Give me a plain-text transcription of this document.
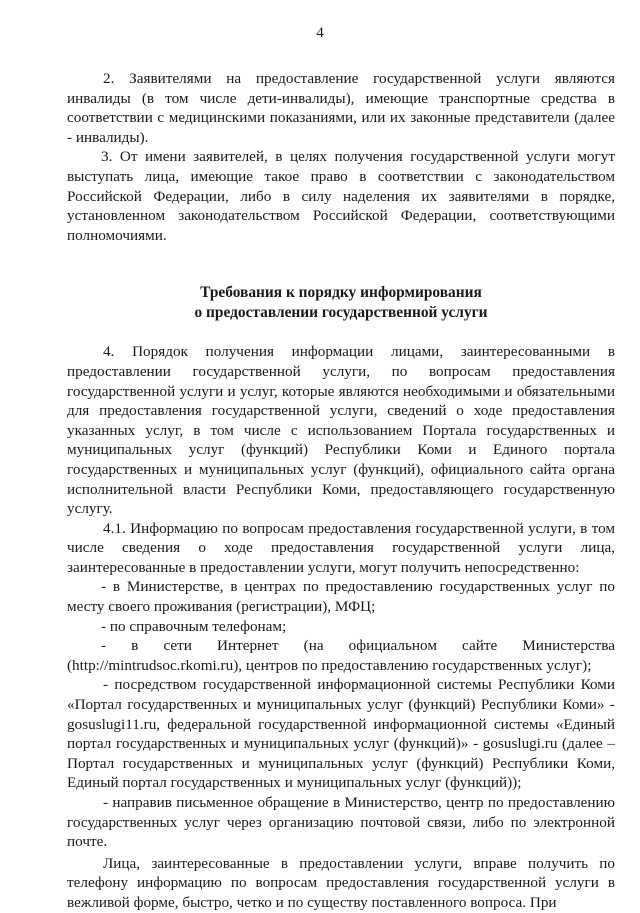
4

2. Заявителями на предоставление государственной услуги являются инвалиды (в том числе дети-инвалиды), имеющие транспортные средства в соответствии с медицинскими показаниями, или их законные представители (далее - инвалиды).

3. От имени заявителей, в целях получения государственной услуги могут выступать лица, имеющие такое право в соответствии с законодательством Российской Федерации, либо в силу наделения их заявителями в порядке, установленном законодательством Российской Федерации, соответствующими полномочиями.

Требования к порядку информирования

о предоставлении государственной услуги

4. Порядок получения информации лицами, заинтересованными в предоставлении государственной услуги, по вопросам предоставления государственной услуги и услуг, которые являются необходимыми и обязательными для предоставления государственной услуги, сведений о ходе предоставления указанных услуг, в том числе с использованием Портала государственных и муниципальных услуг (функций) Республики Коми и Единого портала государственных и муниципальных услуг (функций), официального сайта органа исполнительной власти Республики Коми, предоставляющего государственную услугу.

4.1. Информацию по вопросам предоставления государственной услуги, в том числе сведения о ходе предоставления государственной услуги лица, заинтересованные в предоставлении услуги, могут получить непосредственно:

- в Министерстве, в центрах по предоставлению государственных услуг по месту своего проживания (регистрации), МФЦ;

- по справочным телефонам;

- в сети Интернет (на официальном сайте Министерства (http://mintrudsoc.rkomi.ru), центров по предоставлению государственных услуг);

- посредством государственной информационной системы Республики Коми «Портал государственных и муниципальных услуг (функций) Республики Коми» - gosuslugi11.ru, федеральной государственной информационной системы «Единый портал государственных и муниципальных услуг (функций)» - gosuslugi.ru (далее – Портал государственных и муниципальных услуг (функций) Республики Коми, Единый портал государственных и муниципальных услуг (функций));

- направив письменное обращение в Министерство, центр по предоставлению государственных услуг через организацию почтовой связи, либо по электронной почте.

Лица, заинтересованные в предоставлении услуги, вправе получить по телефону информацию по вопросам предоставления государственной услуги в вежливой форме, быстро, четко и по существу поставленного вопроса. При
